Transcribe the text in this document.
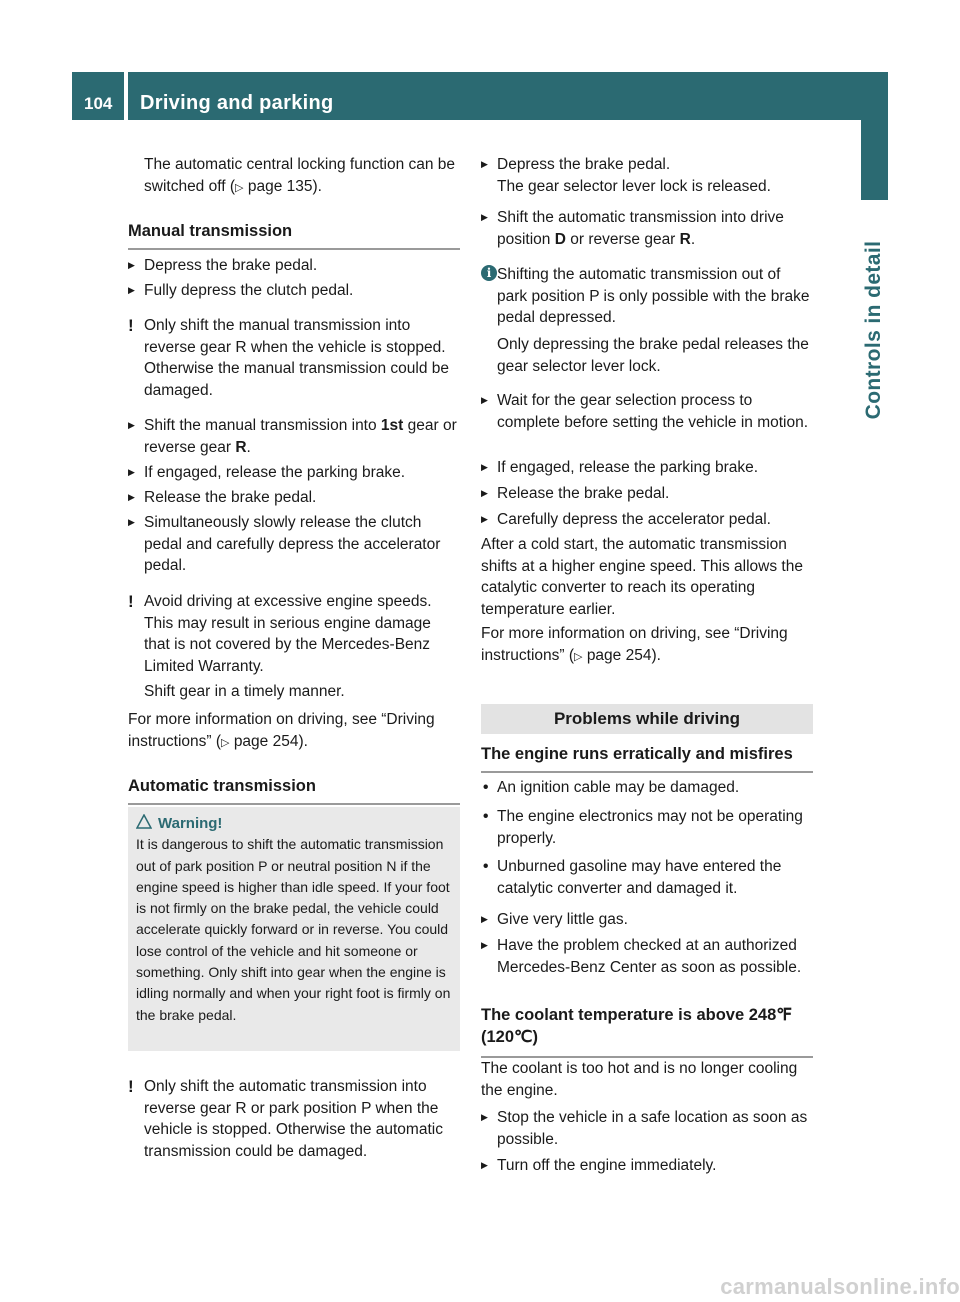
104	Driving and parking
Controls in detail

The automatic central locking function can be switched off (▷ page 135).

Manual transmission
▶ Depress the brake pedal.
▶ Fully depress the clutch pedal.
! Only shift the manual transmission into reverse gear R when the vehicle is stopped. Otherwise the manual transmission could be damaged.
▶ Shift the manual transmission into 1st gear or reverse gear R.
▶ If engaged, release the parking brake.
▶ Release the brake pedal.
▶ Simultaneously slowly release the clutch pedal and carefully depress the accelerator pedal.
! Avoid driving at excessive engine speeds. This may result in serious engine damage that is not covered by the Mercedes-Benz Limited Warranty.
Shift gear in a timely manner.

For more information on driving, see “Driving instructions” (▷ page 254).

Automatic transmission
Warning!
It is dangerous to shift the automatic transmission out of park position P or neutral position N if the engine speed is higher than idle speed. If your foot is not firmly on the brake pedal, the vehicle could accelerate quickly forward or in reverse. You could lose control of the vehicle and hit someone or something. Only shift into gear when the engine is idling normally and when your right foot is firmly on the brake pedal.
! Only shift the automatic transmission into reverse gear R or park position P when the vehicle is stopped. Otherwise the automatic transmission could be damaged.
▶ Depress the brake pedal.
The gear selector lever lock is released.
▶ Shift the automatic transmission into drive position D or reverse gear R.
i Shifting the automatic transmission out of park position P is only possible with the brake pedal depressed.
Only depressing the brake pedal releases the gear selector lever lock.
▶ Wait for the gear selection process to complete before setting the vehicle in motion.
▶ If engaged, release the parking brake.
▶ Release the brake pedal.
▶ Carefully depress the accelerator pedal.

After a cold start, the automatic transmission shifts at a higher engine speed. This allows the catalytic converter to reach its operating temperature earlier.

For more information on driving, see “Driving instructions” (▷ page 254).

Problems while driving
The engine runs erratically and misfires
• An ignition cable may be damaged.
• The engine electronics may not be operating properly.
• Unburned gasoline may have entered the catalytic converter and damaged it.
▶ Give very little gas.
▶ Have the problem checked at an authorized Mercedes-Benz Center as soon as possible.
The coolant temperature is above 248℉ (120℃)

The coolant is too hot and is no longer cooling the engine.

▶ Stop the vehicle in a safe location as soon as possible.
▶ Turn off the engine immediately.
carmanualsonline.info
